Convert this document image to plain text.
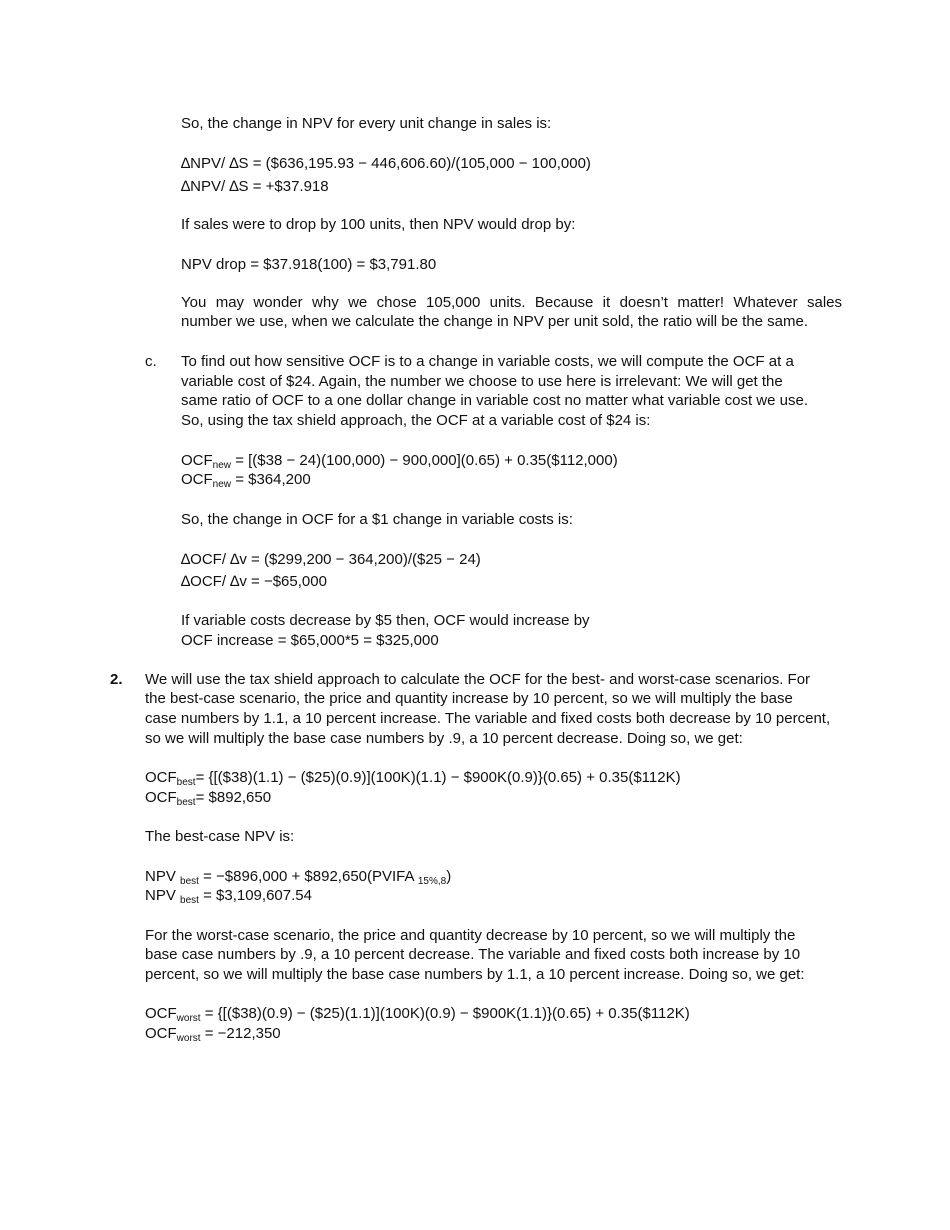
So, the change in NPV for every unit change in sales is:
∆NPV/ ∆S = ($636,195.93 − 446,606.60)/(105,000 − 100,000)
∆NPV/ ∆S = +$37.918
If sales were to drop by 100 units, then NPV would drop by:
NPV drop = $37.918(100) = $3,791.80
You may wonder why we chose 105,000 units. Because it doesn’t matter! Whatever sales
number we use, when we calculate the change in NPV per unit sold, the ratio will be the same.
c. To find out how sensitive OCF is to a change in variable costs, we will compute the OCF at a
variable cost of $24. Again, the number we choose to use here is irrelevant: We will get the
same ratio of OCF to a one dollar change in variable cost no matter what variable cost we use.
So, using the tax shield approach, the OCF at a variable cost of $24 is:
$OCF_{new}$ = [($38 − 24)(100,000) − 900,000](0.65) + 0.35($112,000)
$OCF_{new}$ = $364,200
So, the change in OCF for a $1 change in variable costs is:
∆OCF/ ∆v = ($299,200 − 364,200)/($25 − 24)
∆OCF/ ∆v = −$65,000
If variable costs decrease by $5 then, OCF would increase by
OCF increase = $65,000*5 = $325,000
2. We will use the tax shield approach to calculate the OCF for the best- and worst-case scenarios. For
the best-case scenario, the price and quantity increase by 10 percent, so we will multiply the base
case numbers by 1.1, a 10 percent increase. The variable and fixed costs both decrease by 10 percent,
so we will multiply the base case numbers by .9, a 10 percent decrease. Doing so, we get:
$OCF_{best}=$ {[($38)(1.1) − ($25)(0.9)](100K)(1.1) − $900K(0.9)}(0.65) + 0.35($112K)
$OCF_{best}=$ $892,650
The best-case NPV is:
NPV $_{best}$ = −$896,000 + $892,650(PVIFA $_{15\%,8}$)
NPV $_{best}$ = $3,109,607.54
For the worst-case scenario, the price and quantity decrease by 10 percent, so we will multiply the
base case numbers by .9, a 10 percent decrease. The variable and fixed costs both increase by 10
percent, so we will multiply the base case numbers by 1.1, a 10 percent increase. Doing so, we get:
$OCF_{worst}$ = {[($38)(0.9) − ($25)(1.1)](100K)(0.9) − $900K(1.1)}(0.65) + 0.35($112K)
$OCF_{worst} = -212,350$
